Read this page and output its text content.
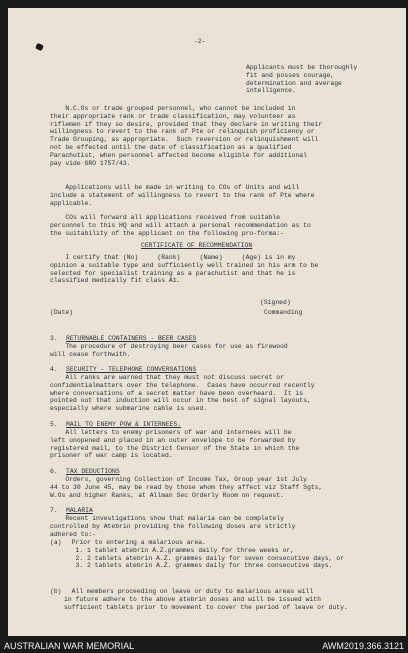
-2-

Applicants must be thoroughly
fit and posses courage,
determination and average
intelligence.

N.C.Os or trade grouped personnel, who cannot be included in
their appropriate rank or trade classification, may volunteer as
riflemen if they so desire, provided that they declare in writing their
willingness to revert to the rank of Pte or relinquish proficiency or
Trade Grouping, as appropriate.  Such reversion or relinquishment will
not be effected until the date of classification as a qualified
Parachutist, when personnel affected become eligible for additional
pay vide GRO 1757/43.

Applications will be made in writing to COs of Units and will
include a statement of willingness to revert to the rank of Pte where
applicable.

COs will forward all applications received from suitable
personnel to this HQ and will attach a personal recommendation as to
the suitability of the applicant on the following pro-forma:-

CERTIFICATE OF RECOMMENDATION

I certify that (No)     (Rank)     (Name)     (Age) is in my
opinion a suitable type and sufficiently well trained in his arm to be
selected for specialist training as a parachutist and that he is
classified medically fit class A1.

(Signed)

(Date)	Commanding

3. RETURNABLE CONTAINERS - BEER CASES

The procedure of destroying beer cases for use as firewood
will cease forthwith.

4. SECURITY - TELEPHONE CONVERSATIONS

All ranks are warned that they must not discuss secret or
confidentialmatters over the telephone.  Cases have occurred recently
where conversations of a secret matter have been overheard.  It is
pointed out that induction will occur in the best of signal layouts,
especially where submarine cable is used.

5. MAIL TO ENEMY POW & INTERNEES.

All letters to enemy prisoners of war and internees will be
left unopened and placed in an outer envelope to be forwarded by
registered mail, to the District Censor of the State in which the
prisoner of war camp is located.

6. TAX DEDUCTIONS

Orders, governing Collection of Income Tax, Group year 1st July
44 to 30 June 45, may be read by those whom they affect viz Staff Sgts,
W.Os and higher Ranks, at Allman Sec Orderly Room on request.

7. MALARIA

Recent investigations show that malaria can be completely
controlled by Atebrin providing the following doses are strictly
adhered to:-

(a)	Prior to entering a malarious area.
1. 1 tablet atebrin A.Z.grammes daily for three weeks or,
2. 2 tablets atebrin A.Z. grammes daily for seven consecutive days, or
3. 2 tablets atebrin A.Z. grammes daily for three consecutive days.

(b)	All members proceeding on leave or duty to malarious areas will
in future adhere to the above atebrin doses and will be issued with
sufficient tablets prior to movement to cover the period of leave or duty.

AUSTRALIAN WAR MEMORIAL	AWM2019.366.3121
